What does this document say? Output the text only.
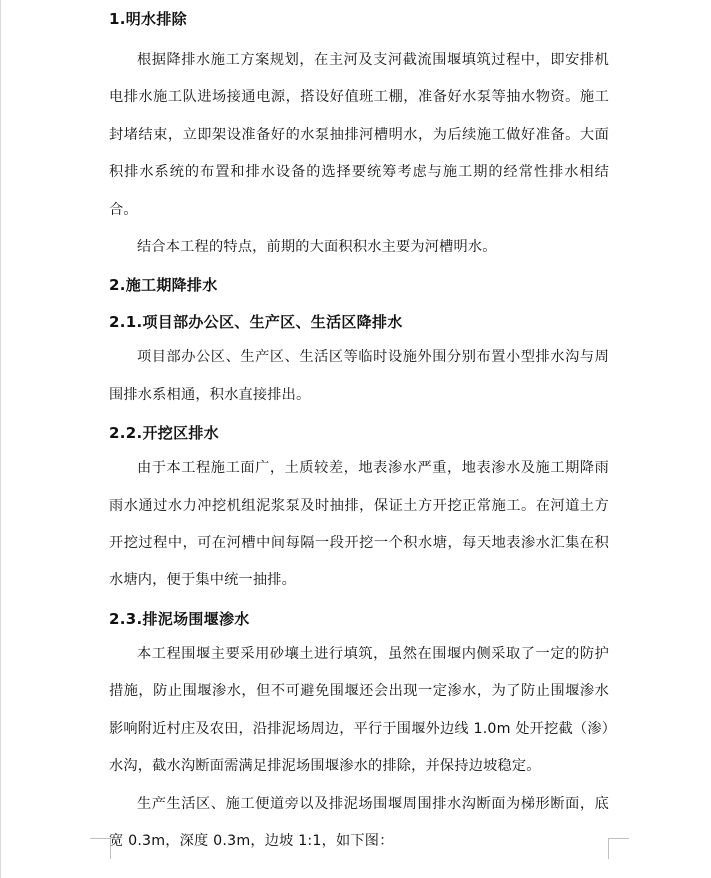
1.明水排除

根据降排水施工方案规划，在主河及支河截流围堰填筑过程中，即安排机电排水施工队进场接通电源，搭设好值班工棚，准备好水泵等抽水物资。施工封堵结束，立即架设准备好的水泵抽排河槽明水，为后续施工做好准备。大面积排水系统的布置和排水设备的选择要统筹考虑与施工期的经常性排水相结合。

结合本工程的特点，前期的大面积积水主要为河槽明水。

2.施工期降排水

2.1.项目部办公区、生产区、生活区降排水

项目部办公区、生产区、生活区等临时设施外围分别布置小型排水沟与周围排水系相通，积水直接排出。

2.2.开挖区排水

由于本工程施工面广，土质较差，地表渗水严重，地表渗水及施工期降雨雨水通过水力冲挖机组泥浆泵及时抽排，保证土方开挖正常施工。在河道土方开挖过程中，可在河槽中间每隔一段开挖一个积水塘，每天地表渗水汇集在积水塘内，便于集中统一抽排。

2.3.排泥场围堰渗水

本工程围堰主要采用砂壤土进行填筑，虽然在围堰内侧采取了一定的防护措施，防止围堰渗水，但不可避免围堰还会出现一定渗水，为了防止围堰渗水影响附近村庄及农田，沿排泥场周边，平行于围堰外边线 1.0m 处开挖截（渗）水沟，截水沟断面需满足排泥场围堰渗水的排除，并保持边坡稳定。

生产生活区、施工便道旁以及排泥场围堰周围排水沟断面为梯形断面，底宽 0.3m，深度 0.3m，边坡 1:1，如下图：
